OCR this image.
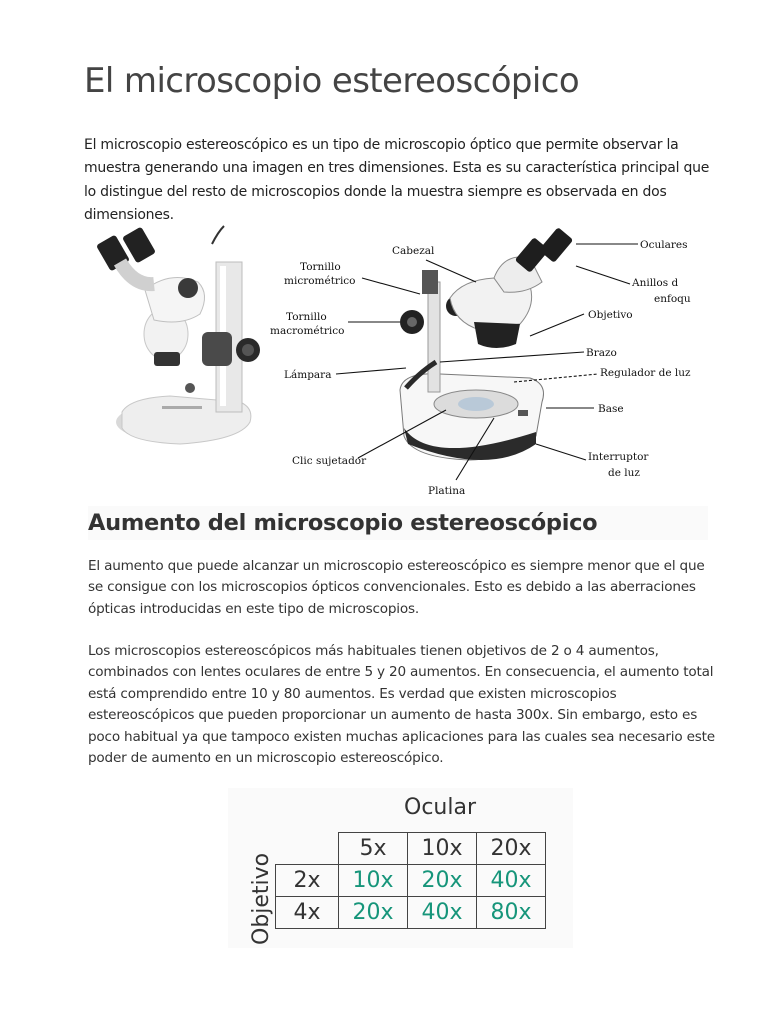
El microscopio estereoscópico

El microscopio estereoscópico es un tipo de microscopio óptico que permite observar la muestra generando una imagen en tres dimensiones. Esta es su característica principal que lo distingue del resto de microscopios donde la muestra siempre es observada en dos dimensiones.

Cabezal	Oculares
Tornillo
micrométrico	Anillos d
enfoqu
Objetivo
Tornillo
macrométrico
Brazo
Lámpara	Regulador de luz
Base
Clic sujetador	Interruptor
de luz
Platina
Aumento del microscopio estereoscópico

El aumento que puede alcanzar un microscopio estereoscópico es siempre menor que el que se consigue con los microscopios ópticos convencionales. Esto es debido a las aberraciones ópticas introducidas en este tipo de microscopios.

Los microscopios estereoscópicos más habituales tienen objetivos de 2 o 4 aumentos, combinados con lentes oculares de entre 5 y 20 aumentos. En consecuencia, el aumento total está comprendido entre 10 y 80 aumentos. Es verdad que existen microscopios estereoscópicos que pueden proporcionar un aumento de hasta 300x. Sin embargo, esto es poco habitual ya que tampoco existen muchas aplicaciones para las cuales sea necesario este poder de aumento en un microscopio estereoscópico.

Ocular
Objetivo
	5x	10x	20x
2x	10x	20x	40x
4x	20x	40x	80x
